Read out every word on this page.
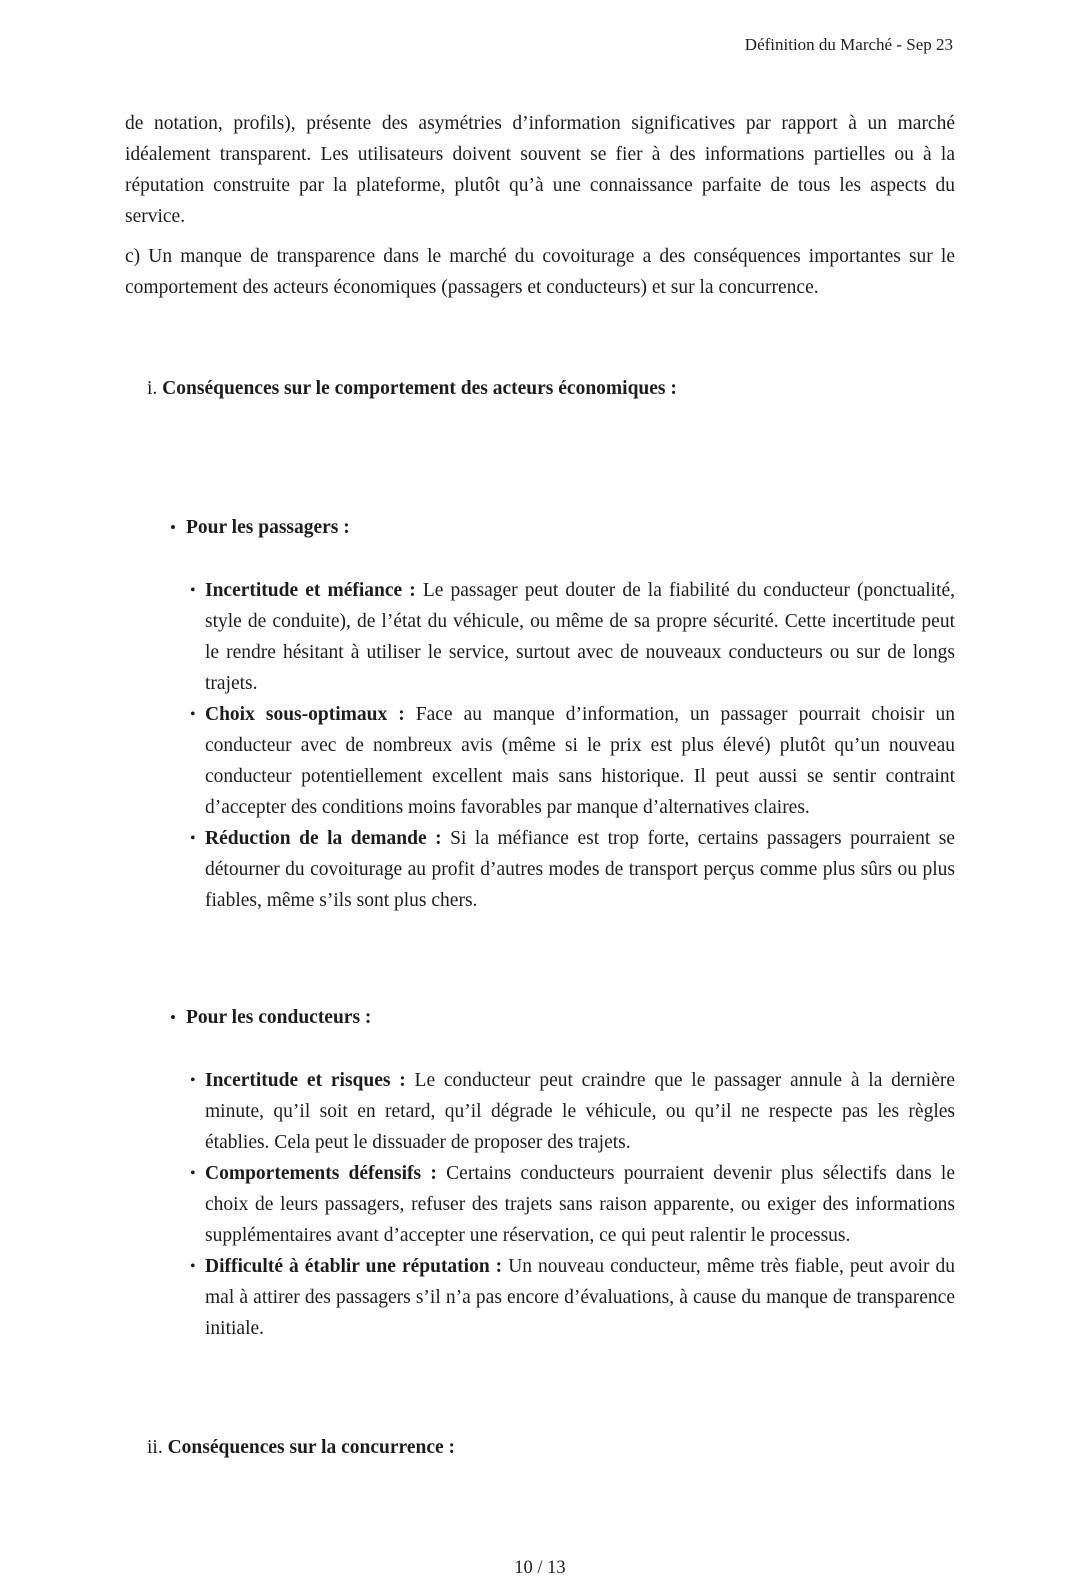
Définition du Marché - Sep 23

de notation, profils), présente des asymétries d’information significatives par rapport à un marché idéalement transparent. Les utilisateurs doivent souvent se fier à des informations partielles ou à la réputation construite par la plateforme, plutôt qu’à une connaissance parfaite de tous les aspects du service.

c) Un manque de transparence dans le marché du covoiturage a des conséquences importantes sur le comportement des acteurs économiques (passagers et conducteurs) et sur la concurrence.

i. Conséquences sur le comportement des acteurs économiques :
• Pour les passagers :
• Incertitude et méfiance : Le passager peut douter de la fiabilité du conducteur (ponctualité, style de conduite), de l’état du véhicule, ou même de sa propre sécurité. Cette incertitude peut le rendre hésitant à utiliser le service, surtout avec de nouveaux conducteurs ou sur de longs trajets.

• Choix sous-optimaux : Face au manque d’information, un passager pourrait choisir un conducteur avec de nombreux avis (même si le prix est plus élevé) plutôt qu’un nouveau conducteur potentiellement excellent mais sans historique. Il peut aussi se sentir contraint d’accepter des conditions moins favorables par manque d’alternatives claires.

• Réduction de la demande : Si la méfiance est trop forte, certains passagers pourraient se détourner du covoiturage au profit d’autres modes de transport perçus comme plus sûrs ou plus fiables, même s’ils sont plus chers.

• Pour les conducteurs :
• Incertitude et risques : Le conducteur peut craindre que le passager annule à la dernière minute, qu’il soit en retard, qu’il dégrade le véhicule, ou qu’il ne respecte pas les règles établies. Cela peut le dissuader de proposer des trajets.

• Comportements défensifs : Certains conducteurs pourraient devenir plus sélectifs dans le choix de leurs passagers, refuser des trajets sans raison apparente, ou exiger des informations supplémentaires avant d’accepter une réservation, ce qui peut ralentir le processus.

• Difficulté à établir une réputation : Un nouveau conducteur, même très fiable, peut avoir du mal à attirer des passagers s’il n’a pas encore d’évaluations, à cause du manque de transparence initiale.

ii. Conséquences sur la concurrence :
10 / 13
